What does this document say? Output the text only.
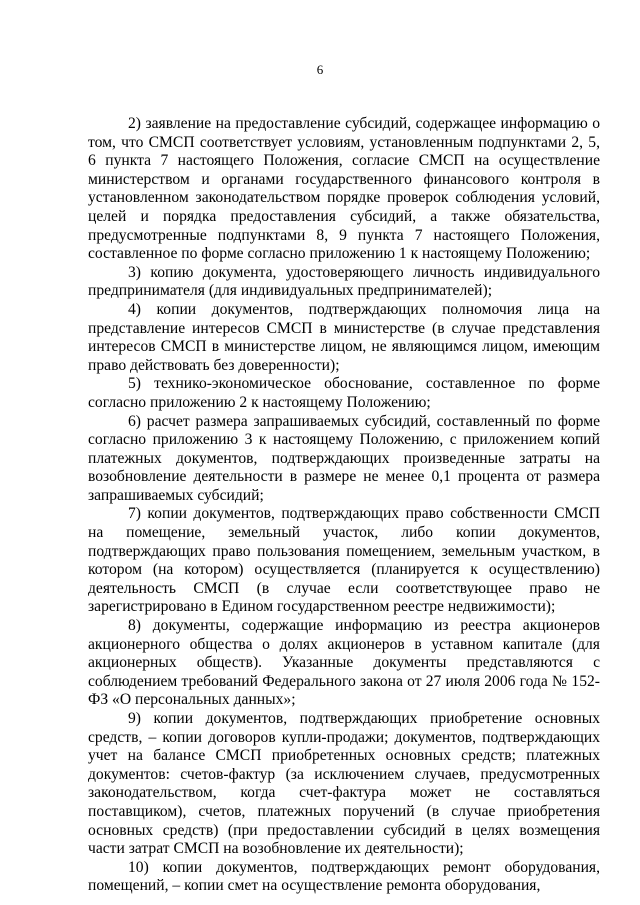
6

2) заявление на предоставление субсидий, содержащее информацию о том, что СМСП соответствует условиям, установленным подпунктами 2, 5, 6 пункта 7 настоящего Положения, согласие СМСП на осуществление министерством и органами государственного финансового контроля в установленном законодательством порядке проверок соблюдения условий, целей и порядка предоставления субсидий, а также обязательства, предусмотренные подпунктами 8, 9 пункта 7 настоящего Положения, составленное по форме согласно приложению 1 к настоящему Положению;

3) копию документа, удостоверяющего личность индивидуального предпринимателя (для индивидуальных предпринимателей);

4) копии документов, подтверждающих полномочия лица на представление интересов СМСП в министерстве (в случае представления интересов СМСП в министерстве лицом, не являющимся лицом, имеющим право действовать без доверенности);

5) технико-экономическое обоснование, составленное по форме согласно приложению 2 к настоящему Положению;

6) расчет размера запрашиваемых субсидий, составленный по форме согласно приложению 3 к настоящему Положению, с приложением копий платежных документов, подтверждающих произведенные затраты на возобновление деятельности в размере не менее 0,1 процента от размера запрашиваемых субсидий;

7) копии документов, подтверждающих право собственности СМСП на помещение, земельный участок, либо копии документов, подтверждающих право пользования помещением, земельным участком, в котором (на котором) осуществляется (планируется к осуществлению) деятельность СМСП (в случае если соответствующее право не зарегистрировано в Едином государственном реестре недвижимости);

8) документы, содержащие информацию из реестра акционеров акционерного общества о долях акционеров в уставном капитале (для акционерных обществ). Указанные документы представляются с соблюдением требований Федерального закона от 27 июля 2006 года № 152-ФЗ «О персональных данных»;

9) копии документов, подтверждающих приобретение основных средств, – копии договоров купли-продажи; документов, подтверждающих учет на балансе СМСП приобретенных основных средств; платежных документов: счетов-фактур (за исключением случаев, предусмотренных законодательством, когда счет-фактура может не составляться поставщиком), счетов, платежных поручений (в случае приобретения основных средств) (при предоставлении субсидий в целях возмещения части затрат СМСП на возобновление их деятельности);

10) копии документов, подтверждающих ремонт оборудования, помещений, – копии смет на осуществление ремонта оборудования,
